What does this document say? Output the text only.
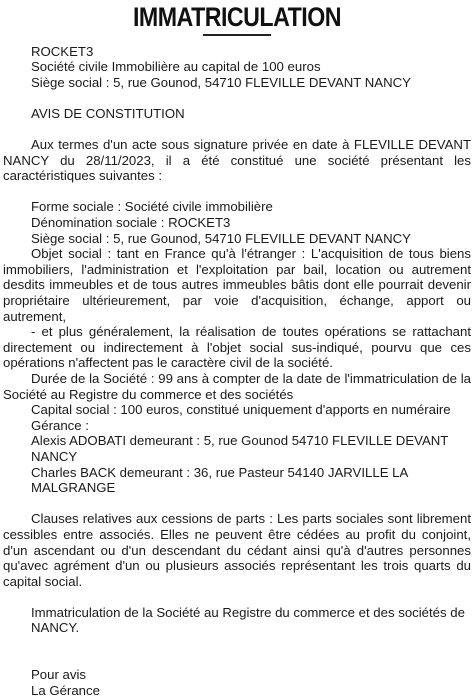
IMMATRICULATION

ROCKET3

Société civile Immobilière au capital de 100 euros

Siège social : 5, rue Gounod, 54710 FLEVILLE DEVANT NANCY

AVIS DE CONSTITUTION

Aux termes d'un acte sous signature privée en date à FLEVILLE DEVANT NANCY du 28/11/2023, il a été constitué une société présentant les caractéristiques suivantes :

Forme sociale : Société civile immobilière

Dénomination sociale : ROCKET3

Siège social : 5, rue Gounod, 54710 FLEVILLE DEVANT NANCY

Objet social : tant en France qu'à l'étranger : L'acquisition de tous biens immobiliers, l'administration et l'exploitation par bail, location ou autrement desdits immeubles et de tous autres immeubles bâtis dont elle pourrait devenir propriétaire ultérieurement, par voie d'acquisition, échange, apport ou autrement,

- et plus généralement, la réalisation de toutes opérations se rattachant directement ou indirectement à l'objet social sus-indiqué, pourvu que ces opérations n'affectent pas le caractère civil de la société.

Durée de la Société : 99 ans à compter de la date de l'immatriculation de la Société au Registre du commerce et des sociétés

Capital social : 100 euros, constitué uniquement d'apports en numéraire

Gérance :

Alexis ADOBATI demeurant : 5, rue Gounod 54710 FLEVILLE DEVANT NANCY

Charles BACK demeurant : 36, rue Pasteur 54140 JARVILLE LA MALGRANGE

Clauses relatives aux cessions de parts : Les parts sociales sont librement cessibles entre associés. Elles ne peuvent être cédées au profit du conjoint, d'un ascendant ou d'un descendant du cédant ainsi qu'à d'autres personnes qu'avec agrément d'un ou plusieurs associés représentant les trois quarts du capital social.

Immatriculation de la Société au Registre du commerce et des sociétés de NANCY.

Pour avis

La Gérance
